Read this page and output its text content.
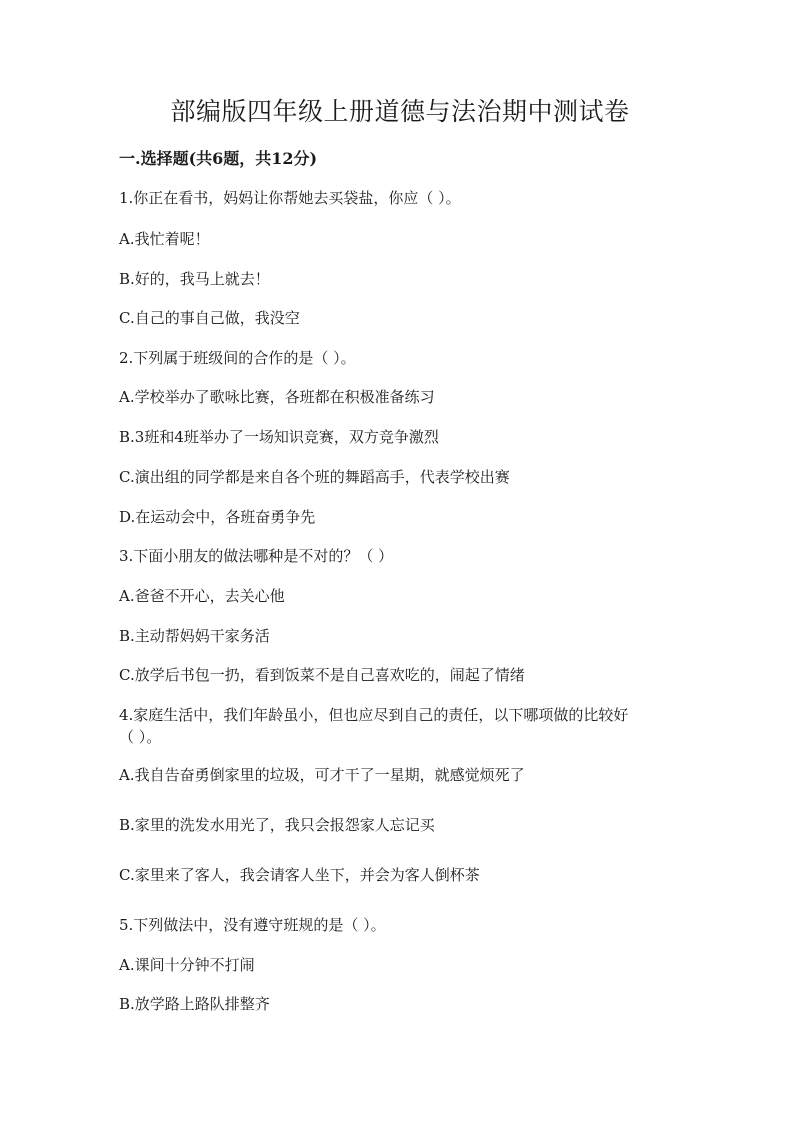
部编版四年级上册道德与法治期中测试卷
一.选择题(共6题，共12分)
1.你正在看书，妈妈让你帮她去买袋盐，你应（ ）。
A.我忙着呢！
B.好的，我马上就去！
C.自己的事自己做，我没空
2.下列属于班级间的合作的是（ ）。
A.学校举办了歌咏比赛，各班都在积极准备练习
B.3班和4班举办了一场知识竞赛，双方竞争激烈
C.演出组的同学都是来自各个班的舞蹈高手，代表学校出赛
D.在运动会中，各班奋勇争先
3.下面小朋友的做法哪种是不对的？（ ）
A.爸爸不开心，去关心他
B.主动帮妈妈干家务活
C.放学后书包一扔，看到饭菜不是自己喜欢吃的，闹起了情绪
4.家庭生活中，我们年龄虽小，但也应尽到自己的责任，以下哪项做的比较好
（ ）。
A.我自告奋勇倒家里的垃圾，可才干了一星期，就感觉烦死了
B.家里的洗发水用光了，我只会报怨家人忘记买
C.家里来了客人，我会请客人坐下，并会为客人倒杯茶
5.下列做法中，没有遵守班规的是（ ）。
A.课间十分钟不打闹
B.放学路上路队排整齐
